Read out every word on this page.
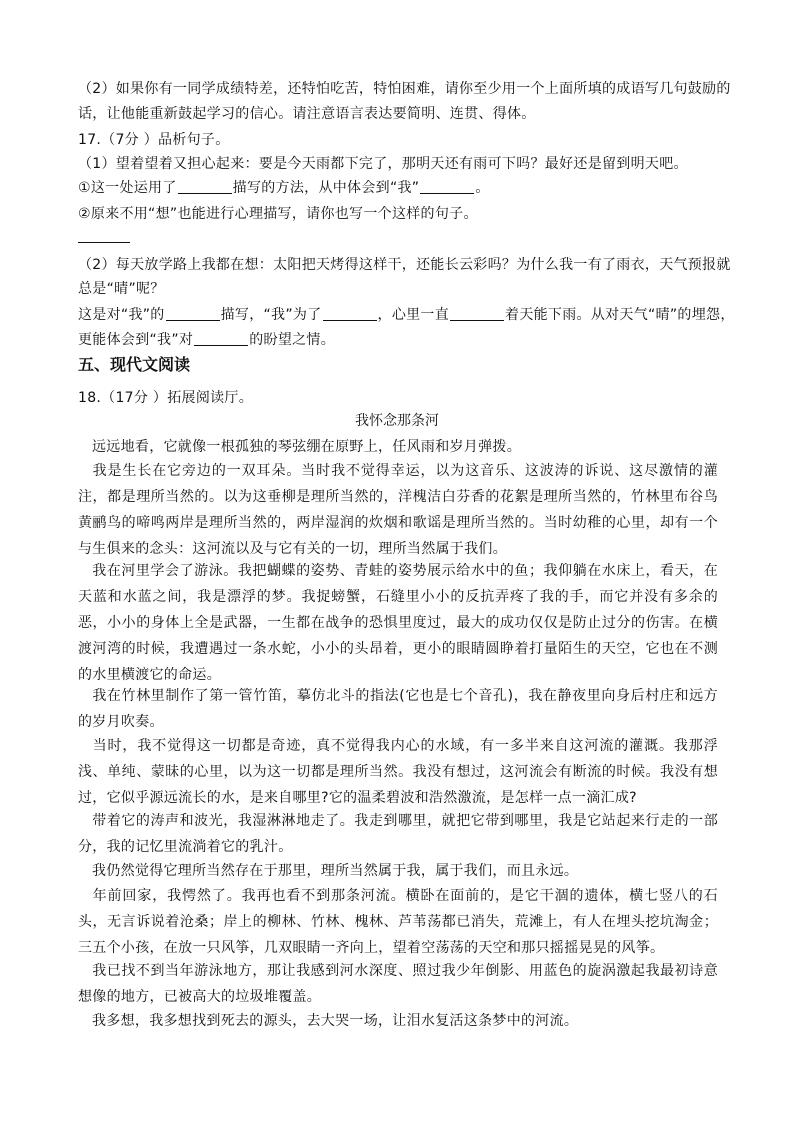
（2）如果你有一同学成绩特差，还特怕吃苦，特怕困难，请你至少用一个上面所填的成语写几句鼓励的
话，让他能重新鼓起学习的信心。请注意语言表达要简明、连贯、得体。
17.（7分 ）品析句子。
（1）望着望着又担心起来：要是今天雨都下完了，那明天还有雨可下吗？最好还是留到明天吧。
①这一处运用了	描写的方法，从中体会到“我”	。
②原来不用“想”也能进行心理描写，请你也写一个这样的句子。
（2）每天放学路上我都在想：太阳把天烤得这样干，还能长云彩吗？为什么我一有了雨衣，天气预报就
总是“晴”呢？
这是对“我”的	描写，“我”为了	，心里一直	着天能下雨。从对天气“晴”的埋怨，
更能体会到“我”对	的盼望之情。
五、现代文阅读
18.（17分 ）拓展阅读厅。
我怀念那条河
远远地看，它就像一根孤独的琴弦绷在原野上，任风雨和岁月弹拨。
我是生长在它旁边的一双耳朵。当时我不觉得幸运，以为这音乐、这波涛的诉说、这尽激情的灌注，都是理所当然的。以为这垂柳是理所当然的，洋槐洁白芬香的花絮是理所当然的，竹林里布谷鸟黄鹂鸟的啼鸣两岸是理所当然的，两岸湿润的炊烟和歌谣是理所当然的。当时幼稚的心里，却有一个与生俱来的念头：这河流以及与它有关的一切，理所当然属于我们。
我在河里学会了游泳。我把蝴蝶的姿势、青蛙的姿势展示给水中的鱼；我仰躺在水床上，看天，在天蓝和水蓝之间，我是漂浮的梦。我捉螃蟹，石缝里小小的反抗弄疼了我的手，而它并没有多余的恶，小小的身体上全是武器，一生都在战争的恐惧里度过，最大的成功仅仅是防止过分的伤害。在横渡河湾的时候，我遭遇过一条水蛇，小小的头昂着，更小的眼睛圆睁着打量陌生的天空，它也在不测的水里横渡它的命运。
我在竹林里制作了第一管竹笛，摹仿北斗的指法(它也是七个音孔)，我在静夜里向身后村庄和远方的岁月吹奏。
当时，我不觉得这一切都是奇迹，真不觉得我内心的水域，有一多半来自这河流的灌溉。我那浮浅、单纯、蒙昧的心里，以为这一切都是理所当然。我没有想过，这河流会有断流的时候。我没有想过，它似乎源远流长的水，是来自哪里?它的温柔碧波和浩然激流，是怎样一点一滴汇成?
带着它的涛声和波光，我湿淋淋地走了。我走到哪里，就把它带到哪里，我是它站起来行走的一部分，我的记忆里流淌着它的乳汁。
我仍然觉得它理所当然存在于那里，理所当然属于我，属于我们，而且永远。
年前回家，我愕然了。我再也看不到那条河流。横卧在面前的，是它干涸的遗体，横七竖八的石头，无言诉说着沧桑；岸上的柳林、竹林、槐林、芦苇荡都已消失，荒滩上，有人在埋头挖坑淘金；三五个小孩，在放一只风筝，几双眼睛一齐向上，望着空荡荡的天空和那只摇摇晃晃的风筝。
我已找不到当年游泳地方，那让我感到河水深度、照过我少年倒影、用蓝色的旋涡激起我最初诗意想像的地方，已被高大的垃圾堆覆盖。
我多想，我多想找到死去的源头，去大哭一场，让泪水复活这条梦中的河流。
